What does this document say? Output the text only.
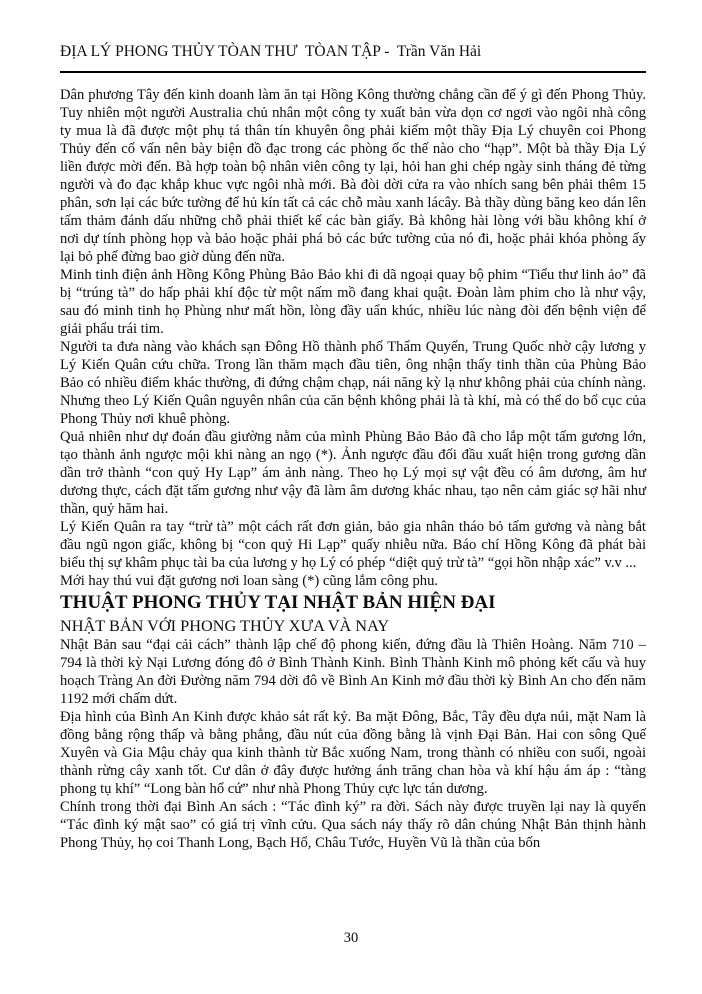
ĐỊA LÝ PHONG THỦY TÒAN THƯ  TÒAN TẬP -  Trần Văn Hải

Dân phương Tây đến kinh doanh làm ăn tại Hồng Kông thường chẳng cần để ý gì đến Phong Thủy. Tuy nhiên một người Australia chủ nhân một công ty xuất bản vừa dọn cơ ngơi vào ngôi nhà công ty mua là đã được một phụ tá thân tín khuyên ông phải kiếm một thầy Địa Lý chuyên coi Phong Thủy đến cố vấn nên bày biện đồ đạc trong các phòng ốc thế nào cho “hạp”. Một bà thầy Địa Lý liền được mời đến. Bà hợp toàn bộ nhân viên công ty lại, hỏi han ghi chép ngày sinh tháng đẻ từng người và đo đạc khắp khuc vực ngôi nhà mới. Bà đòi dời cửa ra vào nhích sang bên phải thêm 15 phân, sơn lại các bức tường để hủ kín tất cả các chỗ màu xanh lácây. Bà thầy dùng băng keo dán lên tấm thảm đánh dấu những chỗ phải thiết kế các bàn giấy. Bà không hài lòng với bầu không khí ở nơi dự tính phòng họp và bảo hoặc phải phá bỏ các bức tường của nó đi, hoặc phải khóa phòng ấy lại bỏ phế đừng bao giờ dùng đến nữa.

Minh tinh điện ảnh Hồng Kông Phùng Bảo Bảo khi đi dã ngoại quay bộ phim “Tiểu thư linh ảo” đã bị “trúng tà” do hấp phải khí độc từ một nấm mồ đang khai quật. Đoàn làm phim cho là như vậy, sau đó minh tinh họ Phùng như mất hồn, lòng đầy uẩn khúc, nhiều lúc nàng đòi đến bệnh viện để giải phẩu trái tim.

Người ta đưa nàng vào khách sạn Đông Hồ thành phố Thẩm Quyến, Trung Quốc nhờ cậy lương y Lý Kiến Quân cứu chữa. Trong lần thăm mạch đầu tiên, ông nhận thấy tinh thần của Phùng Bảo Bảo có nhiều điểm khác thường, đi đứng chậm chạp, nái năng kỳ lạ như không phải của chính nàng. Nhưng theo Lý Kiến Quân nguyên nhân của căn bệnh không phải là tà khí, mà có thể do bố cục của Phong Thủy nơi khuê phòng.

Quả nhiên như dự đoán đầu giường nằm của mình Phùng Bảo Bảo đã cho lắp một tấm gương lớn, tạo thành ảnh ngược mội khi nàng an ngọ (*). Ảnh ngược đầu đối đầu xuất hiện trong gương dần dần trở thành “con quỷ Hy Lạp” ám ảnh nàng. Theo họ Lý mọi sự vật đều có âm dương, âm hư dương thực, cách đặt tấm gương như vậy đã làm âm dương khác nhau, tạo nên cảm giác sợ hãi như thần, quỷ hăm hai.

Lý Kiến Quân ra tay “trừ tà” một cách rất đơn giản, bảo gia nhân tháo bỏ tấm gương và nàng bắt đầu ngũ ngon giấc, không bị “con quỷ Hi Lạp” quấy nhiễu nữa. Báo chí Hồng Kông đã phát bài biểu thị sự khâm phục tài ba của lương y họ Lý có phép “diệt quỷ trừ tà” “gọi hồn nhập xác” v.v ...

Mới hay thú vui đặt gương nơi loan sàng (*) cũng lắm công phu.

THUẬT PHONG THỦY TẠI NHẬT BẢN HIỆN ĐẠI

NHẬT BẢN VỚI PHONG THỦY XƯA VÀ NAY

Nhật Bản sau “đại cải cách” thành lập chế độ phong kiến, đứng đầu là Thiên Hoàng. Năm 710 – 794 là thời kỳ Nại Lương đóng đô ở Bình Thành Kinh. Bình Thành Kinh mô phỏng kết cấu và huy hoạch Tràng An đời Đường năm 794 dời đô về Bình An Kinh mở đầu thời kỳ Bình An cho đến năm 1192 mới chấm dứt.

Địa hình của Bình An Kinh được khảo sát rất kỷ. Ba mặt Đông, Bắc, Tây đều dựa núi, mặt Nam là đồng bằng rộng thấp và bằng phẳng, đầu nút của đồng bằng là vịnh Đại Bản. Hai con sông Quế Xuyên và Gia Mậu chảy qua kinh thành từ Bắc xuống Nam, trong thành có nhiều con suối, ngoài thành rừng cây xanh tốt. Cư dân ở đây được hưởng ánh trăng chan hòa và khí hậu ám áp : “tàng phong tụ khí” “Long bàn hổ cứ” như nhà Phong Thủy cực lực tán dương.

Chính trong thời đại Bình An sách : “Tác đình ký” ra đời. Sách này được truyền lại nay là quyển “Tác đình ký mật sao” có giá trị vĩnh cửu. Qua sách náy thấy rõ dân chúng Nhật Bản thịnh hành Phong Thủy, họ coi Thanh Long, Bạch Hổ, Châu Tước, Huyền Vũ là thần của bốn

30
